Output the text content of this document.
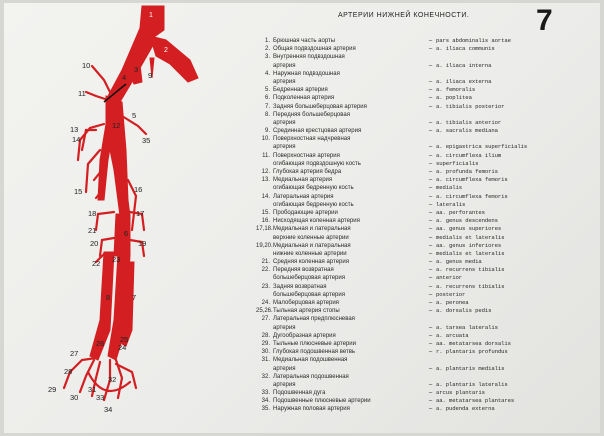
АРТЕРИИ НИЖНЕЙ КОНЕЧНОСТИ. 7
1
2
3
4
5
6
7
8
9
10
11
12
13
14
15	16
17
18
19
20
21
22 23
24
25
26
27
28
29
30
31
32
33
34
35
1. Брюшная часть аорты	– pars abdominalis aortae
2. Общая подвздошная артерия	– a. iliaca communis
3. Внутренняя подвздошная
артерия	– a. iliaca interna
4. Наружная подвздошная
артерия	– a. iliaca externa
5. Бедренная артерия	– a. femoralis
6. Подколенная артерия	– a. poplitea
7. Задняя большеберцовая артерия	– a. tibialis posterior
8. Передняя большеберцовая
артерия	– a. tibialis anterior
9. Срединная крестцовая артерия	– a. sacralis mediana
10. Поверхностная надчревная
артерия	– a. epigastrica superficialis
11. Поверхностная артерия	– a. circumflexa ilium
огибающая подвздошную кость	– superficialis
12. Глубокая артерия бедра	– a. profunda femoris
13. Медиальная артерия	– a. circumflexa femoris
огибающая бедренную кость	– medialis
14. Латеральная артерия	– a. circumflexa femoris
огибающая бедренную кость	– lateralis
15. Прободающие артерии	– aa. perforantes
16. Нисходящая коленная артерия	– a. genus descendens
17,18. Медиальная и латеральная	– aa. genus superiores
верхние коленные артерии	– medialis et lateralis
19,20. Медиальная и латеральная	– aa. genus inferiores
нижние коленные артерии	– medialis et lateralis
21. Средняя коленная артерия	– a. genus media
22. Передняя возвратная	– a. recurrens tibialis
большеберцовая артерия	– anterior
23. Задняя возвратная	– a. recurrens tibialis
большеберцовая артерия	– posterior
24. Малоберцовая артерия	– a. peronea
25,26. Тыльная артерия стопы	– a. dorsalis pedis
27. Латеральная предплюсневая
артерия	– a. tarsea lateralis
28. Дугообразная артерия	– a. arcuata
29. Тыльные плюсневые артерии	– aa. metatarsea dorsalis
30. Глубокая подошвенная ветвь	– r. plantaris profundus
31. Медиальная подошвенная
артерия	– a. plantaris medialis
32. Латеральная подошвенная
артерия	– a. plantaris lateralis
33. Подошвенная дуга	– arcus plantaris
34. Подошвенные плюсневые артерии	– aa. metatarsea plantares
35. Наружная половая артерия	– a. pudenda externa
